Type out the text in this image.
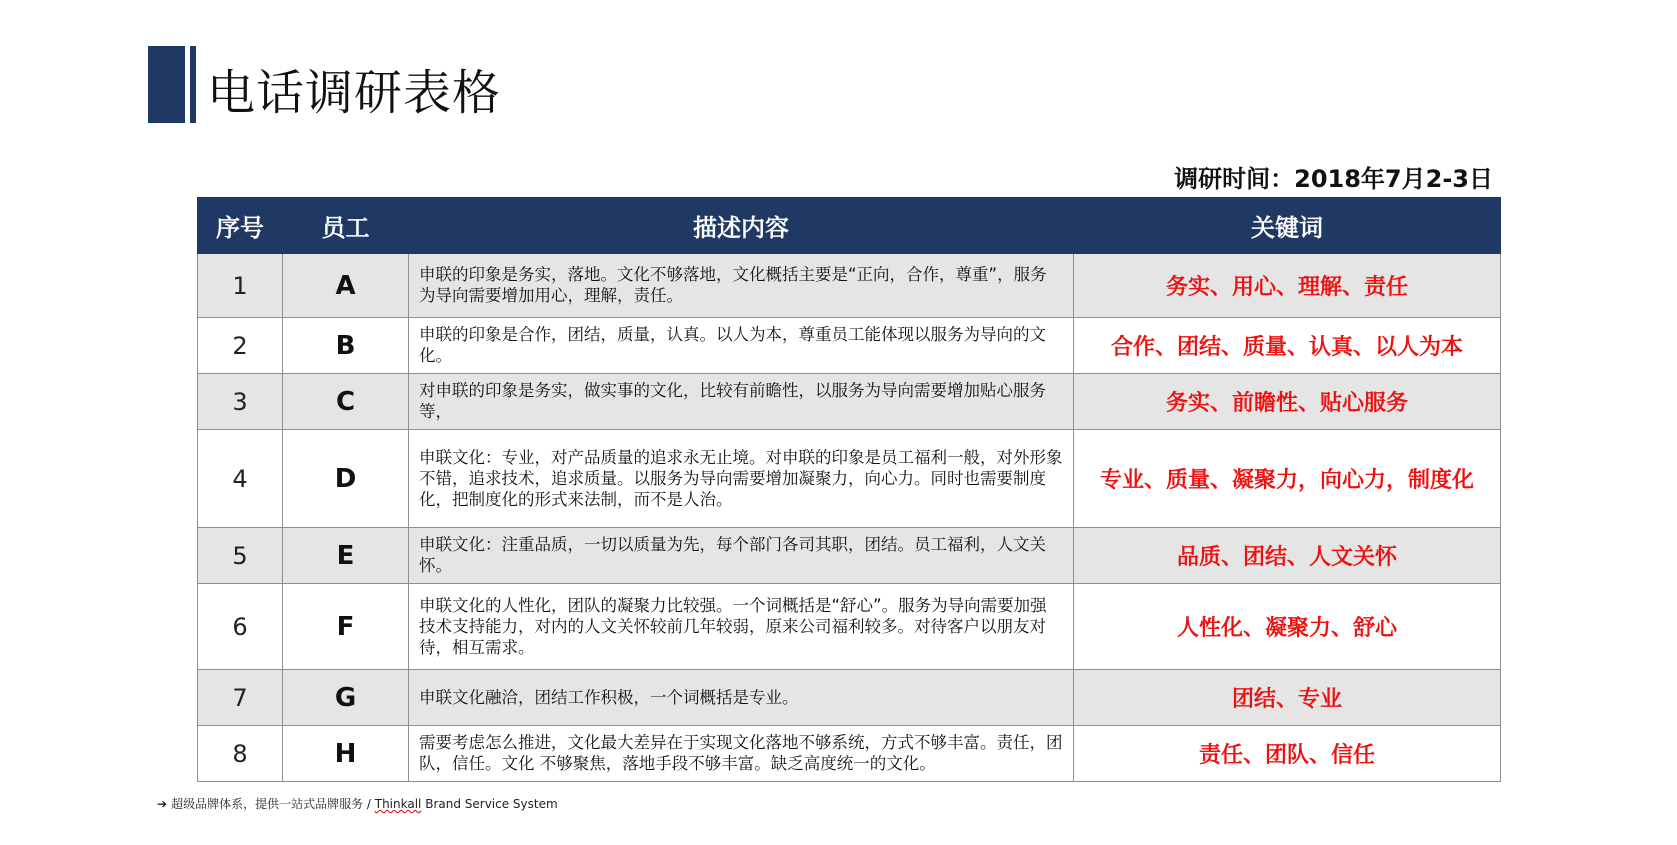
电话调研表格
调研时间：2018年7月2-3日
序号	员工	描述内容	关键词
1	A	申联的印象是务实，落地。文化不够落地，文化概括主要是“正向，合作，尊重”，服务为导向需要增加用心，理解，责任。	务实、用心、理解、责任
2	B	申联的印象是合作，团结，质量，认真。以人为本，尊重员工能体现以服务为导向的文化。	合作、团结、质量、认真、以人为本
3	C	对申联的印象是务实，做实事的文化，比较有前瞻性，以服务为导向需要增加贴心服务等，	务实、前瞻性、贴心服务
4	D	申联文化：专业，对产品质量的追求永无止境。对申联的印象是员工福利一般，对外形象不错，追求技术，追求质量。以服务为导向需要增加凝聚力，向心力。同时也需要制度化，把制度化的形式来法制，而不是人治。	专业、质量、凝聚力，向心力，制度化
5	E	申联文化：注重品质，一切以质量为先，每个部门各司其职，团结。员工福利，人文关怀。	品质、团结、人文关怀
6	F	申联文化的人性化，团队的凝聚力比较强。一个词概括是“舒心”。服务为导向需要加强技术支持能力，对内的人文关怀较前几年较弱，原来公司福利较多。对待客户以朋友对待，相互需求。	人性化、凝聚力、舒心
7	G	申联文化融洽，团结工作积极，一个词概括是专业。	团结、专业
8	H	需要考虑怎么推进，文化最大差异在于实现文化落地不够系统，方式不够丰富。责任，团队，信任。文化 不够聚焦，落地手段不够丰富。缺乏高度统一的文化。	责任、团队、信任
➔ 超级品牌体系，提供一站式品牌服务 / Thinkall Brand Service System
